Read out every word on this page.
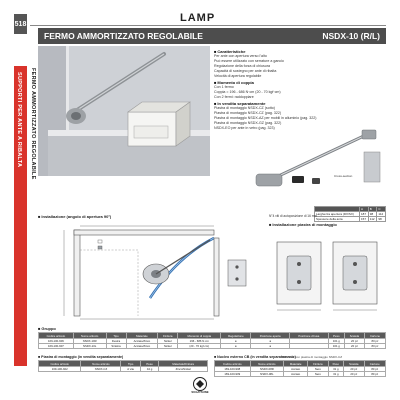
518	LAMP
SUPPORTI PER ANTE A RIBALTA FERMO AMMORTIZZATO REGOLABILE
FERMO AMMORTIZZATO REGOLABILE	NSDX-10 (R/L)
■ Caratteristiche
Per ante con apertura verso l'alto
Può essere utilizzato con serrature a gancio
Regolazione della forza di chiusura
Capacità di sostegno per ante di ribalta
Velocità di apertura regolabile
■ Momento di coppia
Con 1 fermo
Coppia = 196 - 686 N·cm (20 - 70 kgf·cm)
Con 2 fermi: raddoppiare
■ In vendita separatamente
Piastra di montaggio NSDX-CZ (sotto)
Piastra di montaggio NSDX-CZ (pag. 322)
Piastra di montaggio NSDX-AZ per mobili in alluminio (pag. 322)
Piastra di montaggio NSDX-GZ (pag. 322)
NSDX-EO per ante in vetro (pag. 323)
Cross-section
	A	B	C
Larghezza apertura (DX/SX)	187	98	112
Spessore della anta	157	112	98
N°4 viti di autoposizione di 16 mm
■ Installazione piastra di montaggio
■ Installazione (angolo di apertura 90°)
■ Gruppo
Codice articolo	Nome articolo	Tipo	Materiale	Finitura	Momento di coppia	Regolazione	Posizione aperta	Posizione chiusa	Peso	Scatola	Cartone
169-100-906	NSDX-10R	Destra	Acciaio/Zinco	Nickel	196 - 686 N·cm	●	●		161 g	20 pz	80 pz
169-100-907	NSDX-10L	Sinistra	Acciaio/Zinco	Nickel	(20 - 70 kgf·cm)	●	●		161 g	20 pz	80 pz
■ Piastra di montaggio (in vendita separatamente)
Codice articolo	Nome articolo	Tipo	Peso	Materiale/Finitura
169-100-922	NSDX-CZ	A vite	44 g	Zinco/Nickel
■ Nucleo esterno CB (in vendita separatamente)
Utilizzare con piastra di montaggio NSDX-CZ
Codice articolo	Nome articolo	Materiale	Finitura	Peso	Scatola	Cartone
169-100-908	NSDX-08R	Acciaio	Nero	31 g	20 pz	80 pz
169-100-909	NSDX-08L	Acciaio	Nero	31 g	20 pz	80 pz
SUGATSUNE
